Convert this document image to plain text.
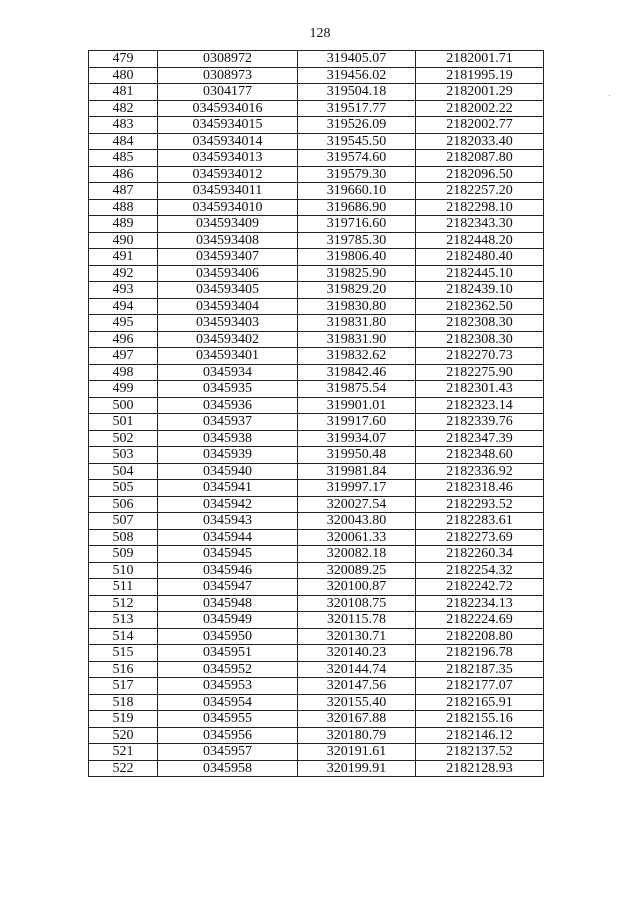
128
479	0308972	319405.07	2182001.71
480	0308973	319456.02	2181995.19
481	0304177	319504.18	2182001.29
482	0345934016	319517.77	2182002.22
483	0345934015	319526.09	2182002.77
484	0345934014	319545.50	2182033.40
485	0345934013	319574.60	2182087.80
486	0345934012	319579.30	2182096.50
487	0345934011	319660.10	2182257.20
488	0345934010	319686.90	2182298.10
489	034593409	319716.60	2182343.30
490	034593408	319785.30	2182448.20
491	034593407	319806.40	2182480.40
492	034593406	319825.90	2182445.10
493	034593405	319829.20	2182439.10
494	034593404	319830.80	2182362.50
495	034593403	319831.80	2182308.30
496	034593402	319831.90	2182308.30
497	034593401	319832.62	2182270.73
498	0345934	319842.46	2182275.90
499	0345935	319875.54	2182301.43
500	0345936	319901.01	2182323.14
501	0345937	319917.60	2182339.76
502	0345938	319934.07	2182347.39
503	0345939	319950.48	2182348.60
504	0345940	319981.84	2182336.92
505	0345941	319997.17	2182318.46
506	0345942	320027.54	2182293.52
507	0345943	320043.80	2182283.61
508	0345944	320061.33	2182273.69
509	0345945	320082.18	2182260.34
510	0345946	320089.25	2182254.32
511	0345947	320100.87	2182242.72
512	0345948	320108.75	2182234.13
513	0345949	320115.78	2182224.69
514	0345950	320130.71	2182208.80
515	0345951	320140.23	2182196.78
516	0345952	320144.74	2182187.35
517	0345953	320147.56	2182177.07
518	0345954	320155.40	2182165.91
519	0345955	320167.88	2182155.16
520	0345956	320180.79	2182146.12
521	0345957	320191.61	2182137.52
522	0345958	320199.91	2182128.93
